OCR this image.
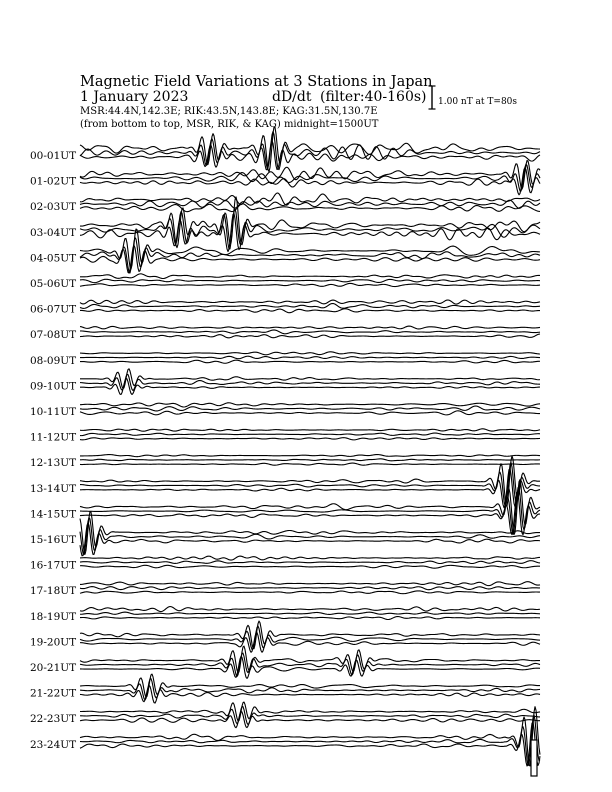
Magnetic Field Variations at 3 Stations in Japan
1 January 2023	dD/dt (filter:40-160s)
MSR:44.4N,142.3E; RIK:43.5N,143.8E; KAG:31.5N,130.7E
(from bottom to top, MSR, RIK, & KAG) midnight=1500UT
1.00 nT at T=80s
00-01UT
01-02UT
02-03UT
03-04UT
04-05UT
05-06UT
06-07UT
07-08UT
08-09UT
09-10UT
10-11UT
11-12UT
12-13UT
13-14UT
14-15UT
15-16UT
16-17UT
17-18UT
18-19UT
19-20UT
20-21UT
21-22UT
22-23UT
23-24UT
